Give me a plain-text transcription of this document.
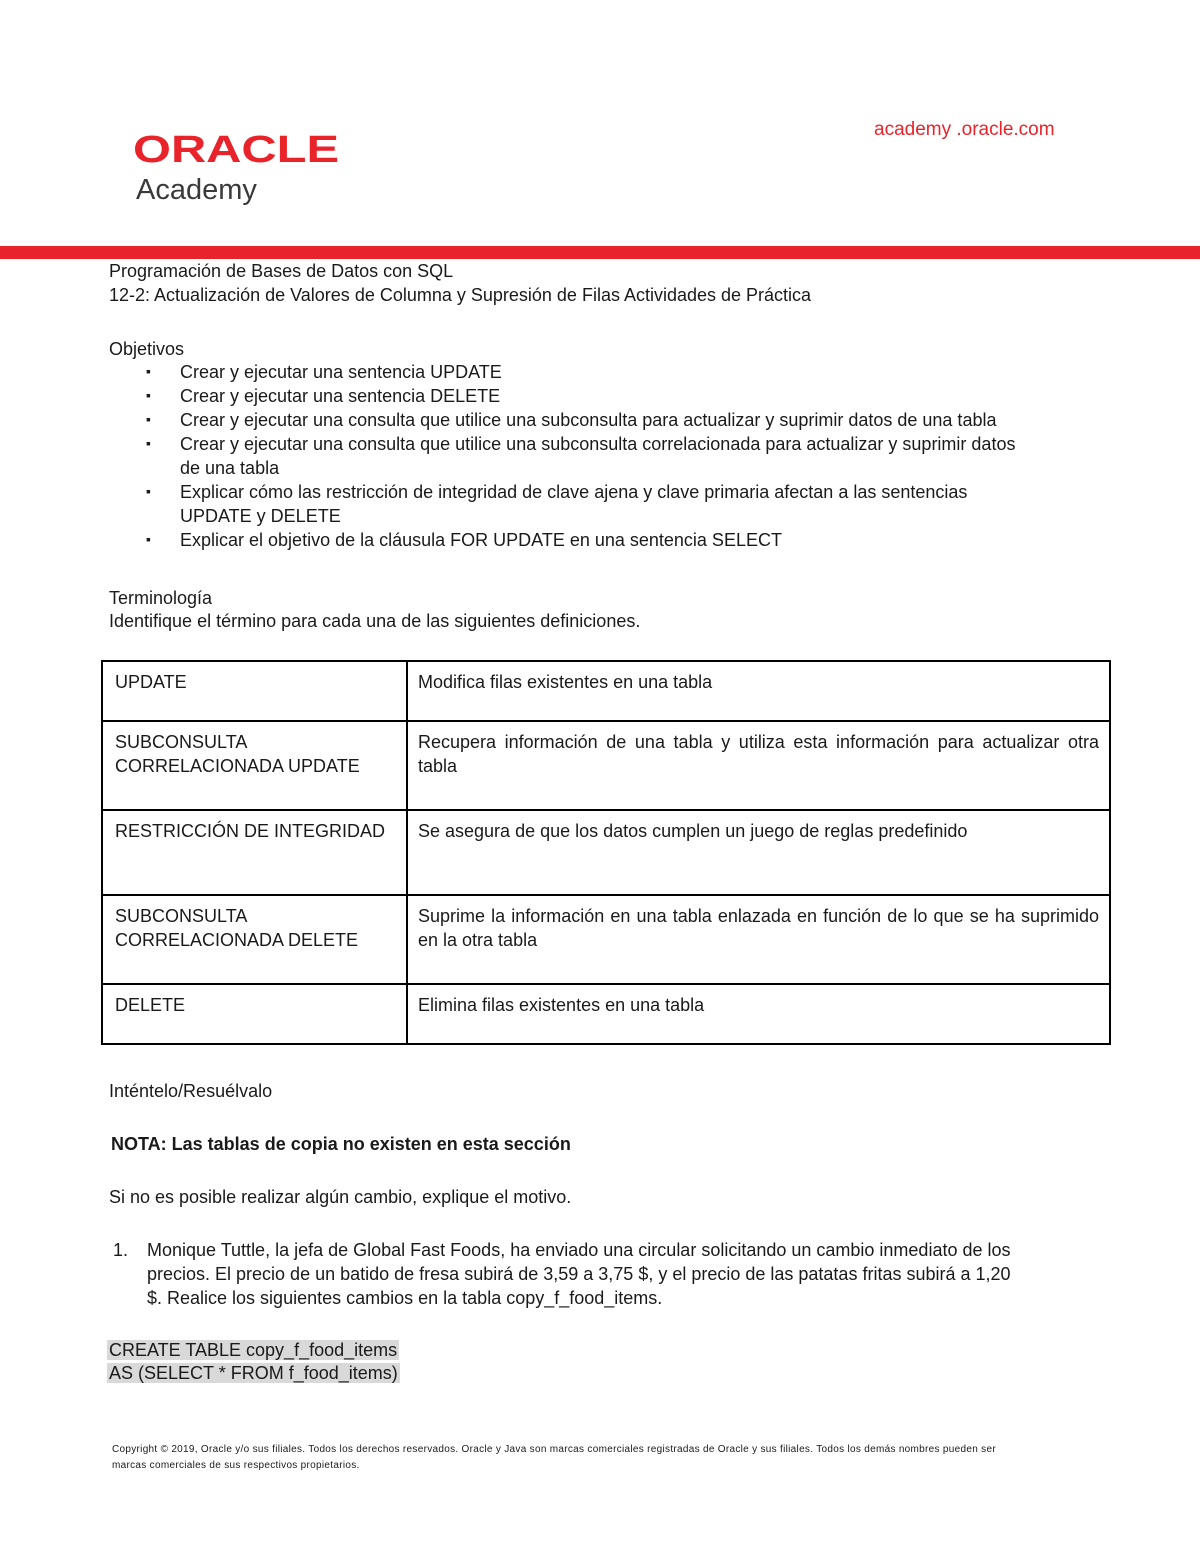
ORACLE
Academy
academy .oracle.com
Programación de Bases de Datos con SQL
12-2: Actualización de Valores de Columna y Supresión de Filas Actividades de Práctica
Objetivos
▪ Crear y ejecutar una sentencia UPDATE
▪ Crear y ejecutar una sentencia DELETE
▪ Crear y ejecutar una consulta que utilice una subconsulta para actualizar y suprimir datos de una tabla
▪ Crear y ejecutar una consulta que utilice una subconsulta correlacionada para actualizar y suprimir datos
de una tabla
▪ Explicar cómo las restricción de integridad de clave ajena y clave primaria afectan a las sentencias
UPDATE y DELETE
▪ Explicar el objetivo de la cláusula FOR UPDATE en una sentencia SELECT
Terminología
Identifique el término para cada una de las siguientes definiciones.
UPDATE	Modifica filas existentes en una tabla
SUBCONSULTA CORRELACIONADA UPDATE	Recupera información de una tabla y utiliza esta información para actualizar otra tabla
RESTRICCIÓN DE INTEGRIDAD	Se asegura de que los datos cumplen un juego de reglas predefinido
SUBCONSULTA CORRELACIONADA DELETE	Suprime la información en una tabla enlazada en función de lo que se ha suprimido en la otra tabla
DELETE	Elimina filas existentes en una tabla
Inténtelo/Resuélvalo
NOTA: Las tablas de copia no existen en esta sección
Si no es posible realizar algún cambio, explique el motivo.
1. Monique Tuttle, la jefa de Global Fast Foods, ha enviado una circular solicitando un cambio inmediato de los
precios. El precio de un batido de fresa subirá de 3,59 a 3,75 $, y el precio de las patatas fritas subirá a 1,20
$. Realice los siguientes cambios en la tabla copy_f_food_items.
CREATE TABLE copy_f_food_items
AS (SELECT * FROM f_food_items)
Copyright © 2019, Oracle y/o sus filiales. Todos los derechos reservados. Oracle y Java son marcas comerciales registradas de Oracle y sus filiales. Todos los demás nombres pueden ser
marcas comerciales de sus respectivos propietarios.
